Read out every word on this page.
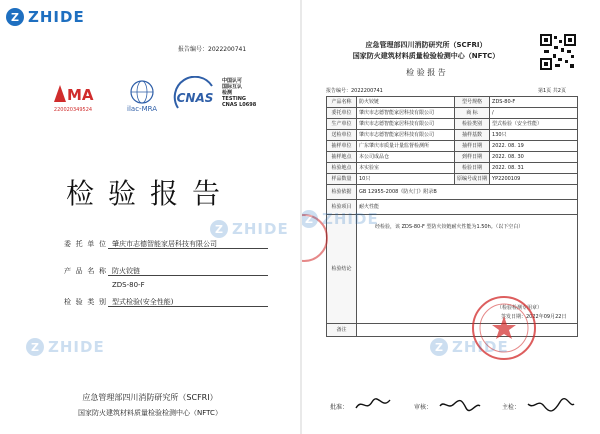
Z ZHIDE
报告编号：2022200741
MA
220020349524	ilac-MRA
CNAS
中国认可
国际互认
检测
TESTING
CNAS L0698
Z ZHIDE
Z ZHIDE
检验报告
委托单位 肇庆市志德智能家居科技有限公司
产品名称 防火铰链
ZDS-80-F
检验类别 型式检验(安全性能)
应急管理部四川消防研究所（SCFRI）
国家防火建筑材料质量检验检测中心（NFTC）
应急管理部四川消防研究所（SCFRI）
国家防火建筑材料质量检验检测中心（NFTC）
检 验 报 告
报告编号：2022200741	第1页 共2页
产品名称	防火铰链	型号规格	ZDS-80-F
委托单位	肇庆市志德智能家居科技有限公司	商 标	/
生产单位	肇庆市志德智能家居科技有限公司	检验类别	型式检验（安全性能）
送检单位	肇庆市志德智能家居科技有限公司	抽样基数	130只
抽样单位	广东肇庆市质量计量监督检测所	抽样日期	2022. 08. 19
抽样地点	本公司成品仓	到样日期	2022. 08. 30
检验地点	本实验室	检验日期	2022. 08. 31
样品数量	10只	原编号或日期	YP2200109
检验依据	GB 12955-2008《防火门》附录B		
检验项目	耐火性能		
检验结论	经检验，该 ZDS-80-F 型防火铰链耐火性能为1.50h。（以下空白）
（检验检测专用章）
签发日期：2022年09月22日		

备注			
Z ZHIDE
Z ZHIDE
批准：	审核：	主检：
